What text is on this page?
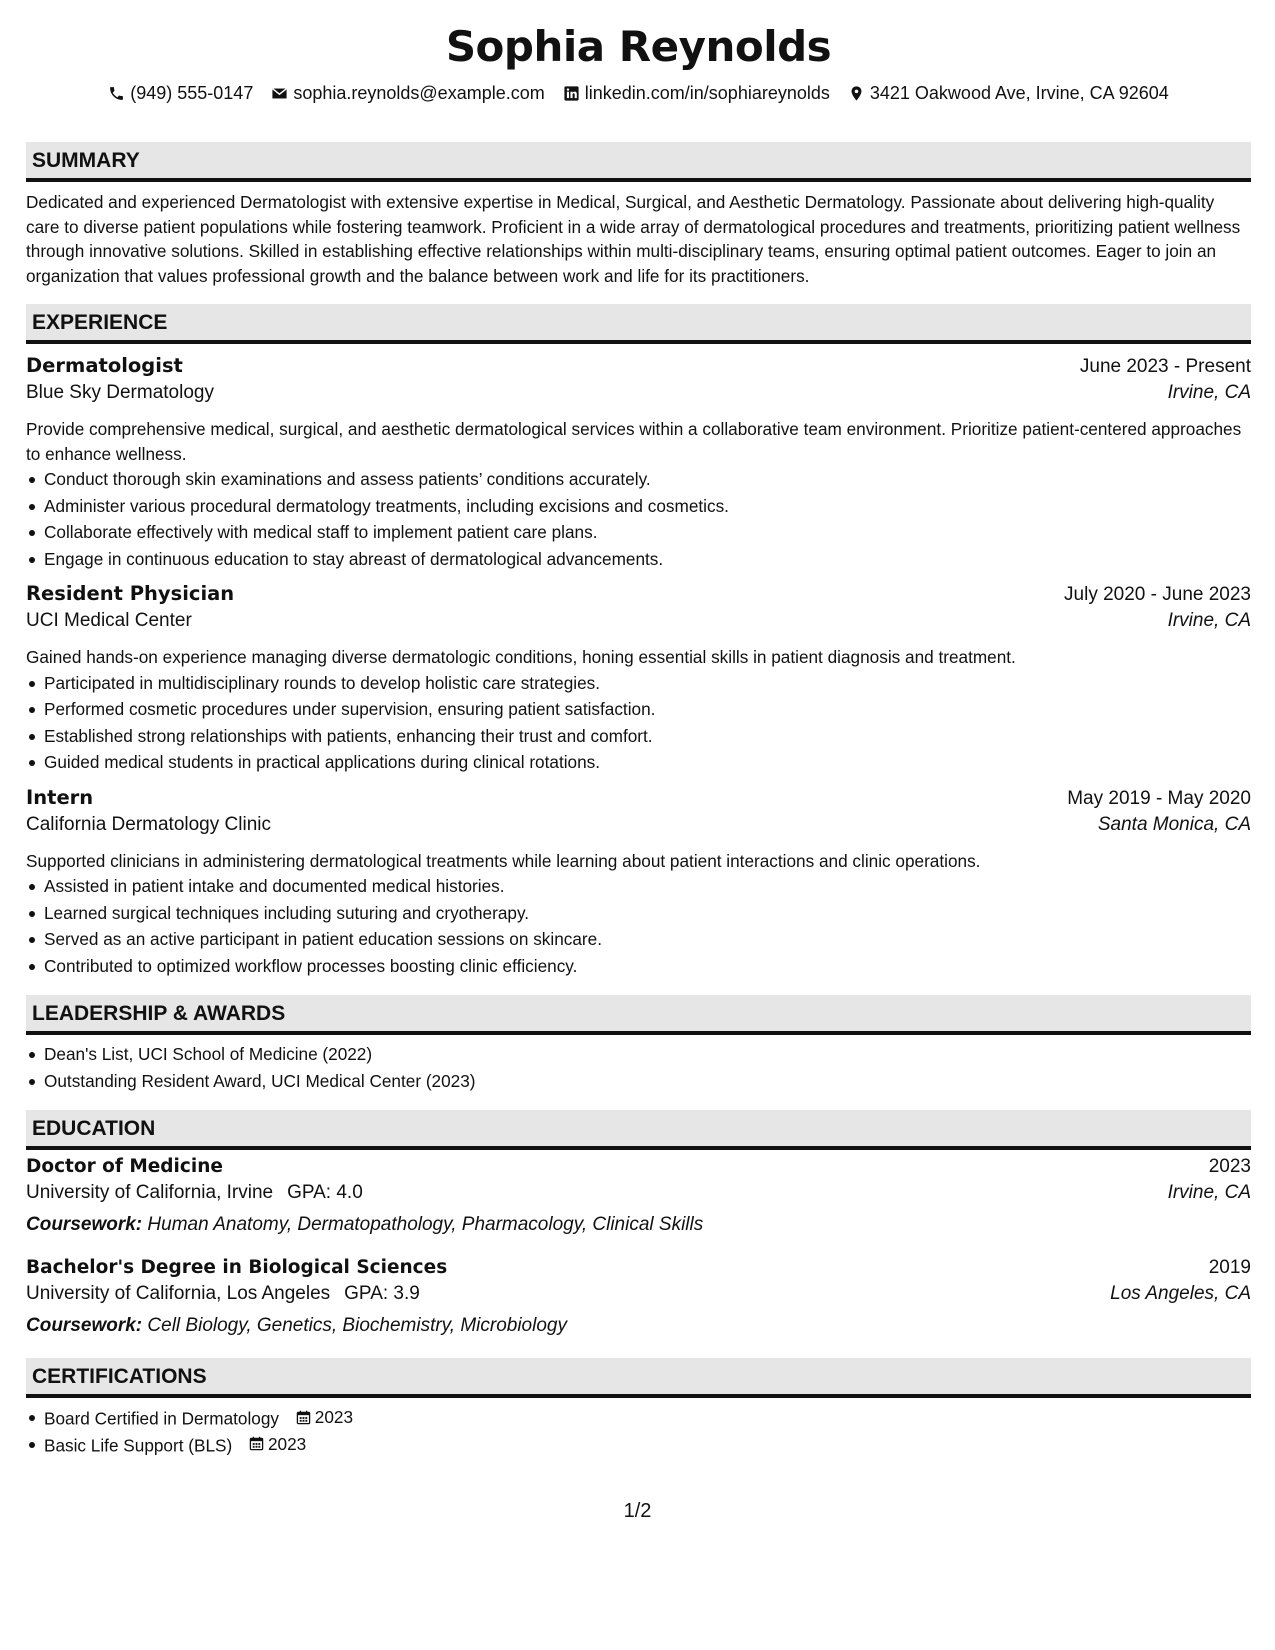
Sophia Reynolds
(949) 555-0147 sophia.reynolds@example.com linkedin.com/in/sophiareynolds 3421 Oakwood Ave, Irvine, CA 92604
SUMMARY

Dedicated and experienced Dermatologist with extensive expertise in Medical, Surgical, and Aesthetic Dermatology. Passionate about delivering high-quality care to diverse patient populations while fostering teamwork. Proficient in a wide array of dermatological procedures and treatments, prioritizing patient wellness through innovative solutions. Skilled in establishing effective relationships within multi-disciplinary teams, ensuring optimal patient outcomes. Eager to join an organization that values professional growth and the balance between work and life for its practitioners.

EXPERIENCE
Dermatologist	June 2023 - Present
Blue Sky Dermatology	Irvine, CA

Provide comprehensive medical, surgical, and aesthetic dermatological services within a collaborative team environment. Prioritize patient-centered approaches to enhance wellness.

Conduct thorough skin examinations and assess patients’ conditions accurately.
Administer various procedural dermatology treatments, including excisions and cosmetics.
Collaborate effectively with medical staff to implement patient care plans.
Engage in continuous education to stay abreast of dermatological advancements.
Resident Physician	July 2020 - June 2023
UCI Medical Center	Irvine, CA

Gained hands-on experience managing diverse dermatologic conditions, honing essential skills in patient diagnosis and treatment.

Participated in multidisciplinary rounds to develop holistic care strategies.
Performed cosmetic procedures under supervision, ensuring patient satisfaction.
Established strong relationships with patients, enhancing their trust and comfort.
Guided medical students in practical applications during clinical rotations.
Intern	May 2019 - May 2020
California Dermatology Clinic	Santa Monica, CA

Supported clinicians in administering dermatological treatments while learning about patient interactions and clinic operations.

Assisted in patient intake and documented medical histories.
Learned surgical techniques including suturing and cryotherapy.
Served as an active participant in patient education sessions on skincare.
Contributed to optimized workflow processes boosting clinic efficiency.
LEADERSHIP & AWARDS
Dean's List, UCI School of Medicine (2022)
Outstanding Resident Award, UCI Medical Center (2023)
EDUCATION
Doctor of Medicine	2023
University of California, Irvine GPA: 4.0	Irvine, CA
Coursework: Human Anatomy, Dermatopathology, Pharmacology, Clinical Skills
Bachelor's Degree in Biological Sciences	2019
University of California, Los Angeles GPA: 3.9	Los Angeles, CA
Coursework: Cell Biology, Genetics, Biochemistry, Microbiology
CERTIFICATIONS
Board Certified in Dermatology 2023
Basic Life Support (BLS) 2023
1/2
